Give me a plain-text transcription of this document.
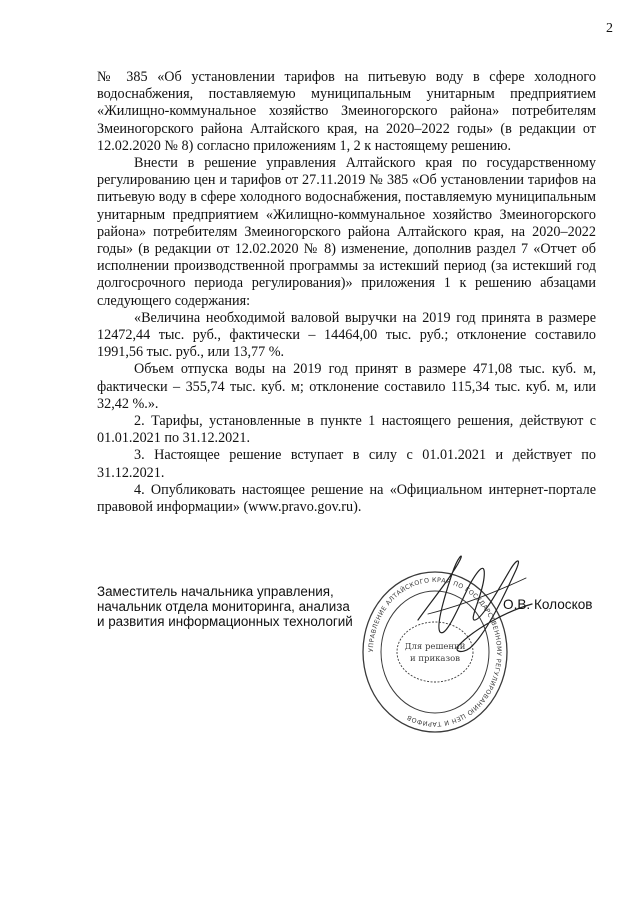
2

№ 385 «Об установлении тарифов на питьевую воду в сфере холодного водоснабжения, поставляемую муниципальным унитарным предприятием «Жилищно-коммунальное хозяйство Змеиногорского района» потребителям Змеиногорского района Алтайского края, на 2020–2022 годы» (в редакции от 12.02.2020 № 8) согласно приложениям 1, 2 к настоящему решению.

Внести в решение управления Алтайского края по государственному регулированию цен и тарифов от 27.11.2019 № 385 «Об установлении тарифов на питьевую воду в сфере холодного водоснабжения, поставляемую муниципальным унитарным предприятием «Жилищно-коммунальное хозяйство Змеиногорского района» потребителям Змеиногорского района Алтайского края, на 2020–2022 годы» (в редакции от 12.02.2020 № 8) изменение, дополнив раздел 7 «Отчет об исполнении производственной программы за истекший период (за истекший год долгосрочного периода регулирования)» приложения 1 к решению абзацами следующего содержания:

«Величина необходимой валовой выручки на 2019 год принята в размере 12472,44 тыс. руб., фактически – 14464,00 тыс. руб.; отклонение составило 1991,56 тыс. руб., или 13,77 %.

Объем отпуска воды на 2019 год принят в размере 471,08 тыс. куб. м, фактически – 355,74 тыс. куб. м; отклонение составило 115,34 тыс. куб. м, или 32,42 %.».

2. Тарифы, установленные в пункте 1 настоящего решения, действуют с 01.01.2021 по 31.12.2021.

3. Настоящее решение вступает в силу с 01.01.2021 и действует по 31.12.2021.

4. Опубликовать настоящее решение на «Официальном интернет-портале правовой информации» (www.pravo.gov.ru).

Заместитель начальника управления,
начальник отдела мониторинга, анализа
и развития информационных технологий
УПРАВЛЕНИЕ АЛТАЙСКОГО КРАЯ ПО ГОСУДАРСТВЕННОМУ РЕГУЛИРОВАНИЮ ЦЕН И ТАРИФОВ
Для решений
и приказов
О.В. Колосков
